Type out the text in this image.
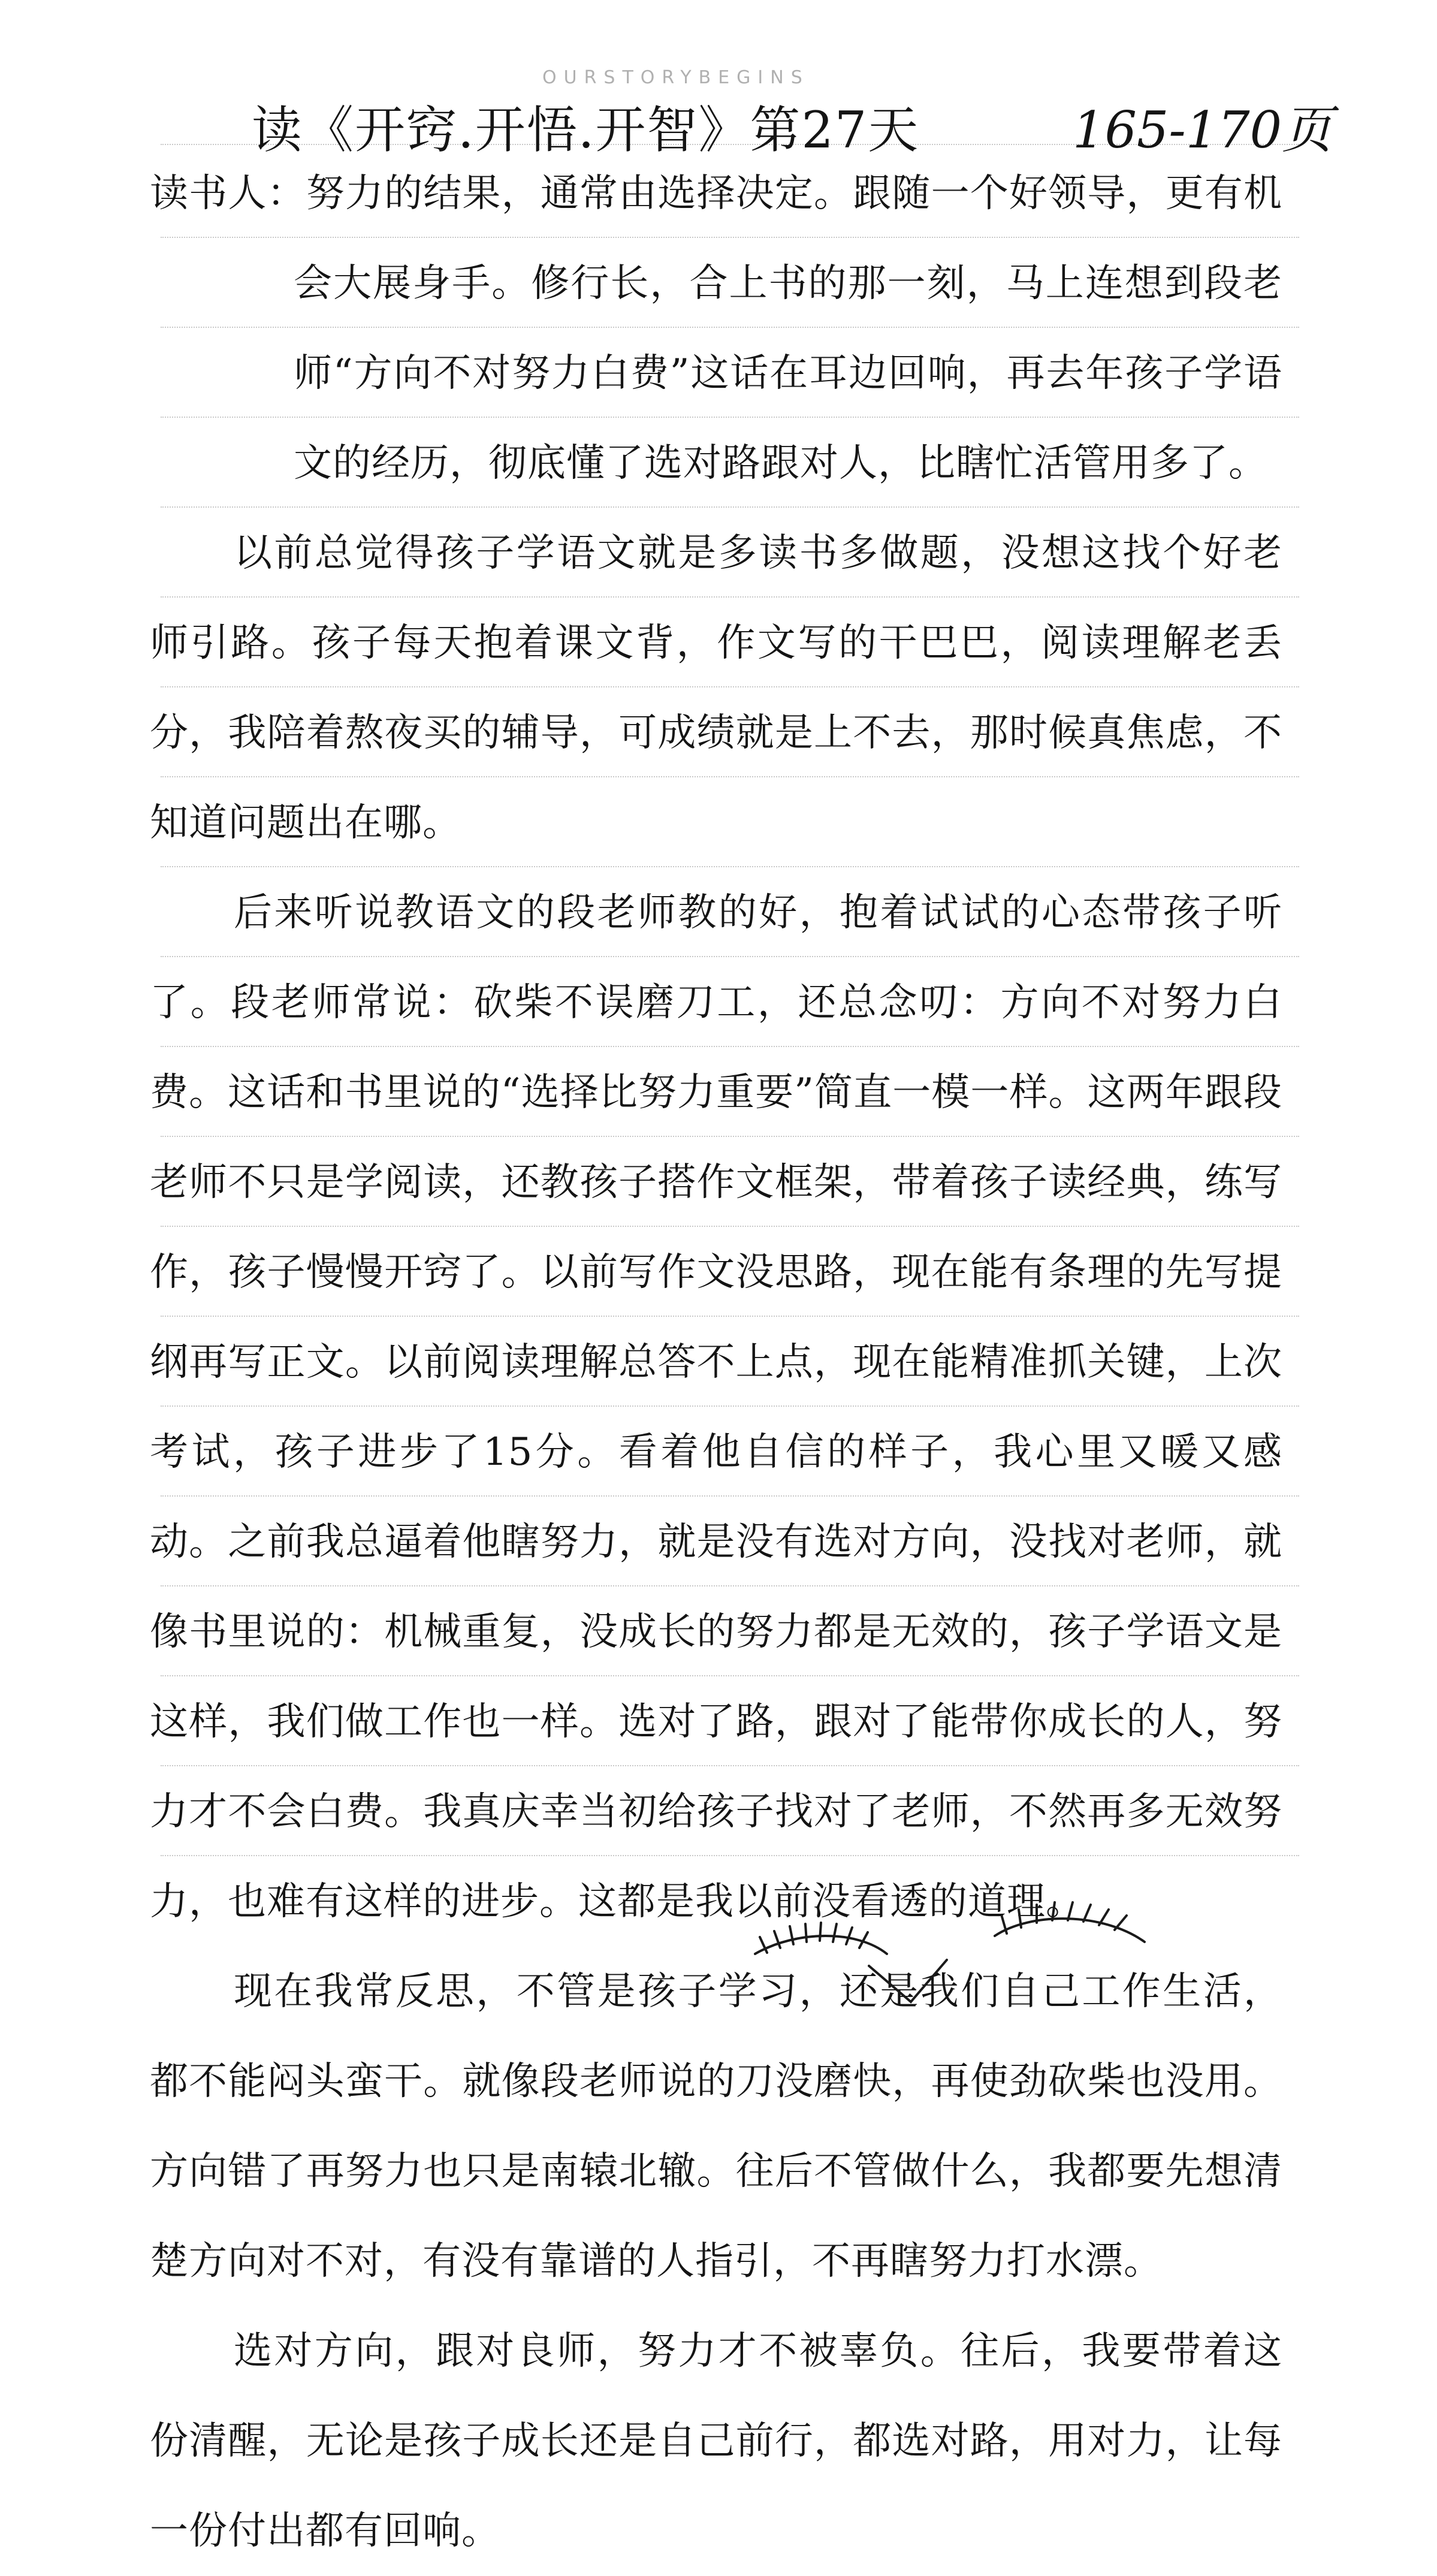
OURSTORYBEGINS
读《开窍.开悟.开智》第27天	165-170页

读书人：努力的结果，通常由选择决定。跟随一个好领导，更有机会大展身手。修行长，合上书的那一刻，马上连想到段老师“方向不对努力白费”这话在耳边回响，再去年孩子学语文的经历，彻底懂了选对路跟对人，比瞎忙活管用多了。

以前总觉得孩子学语文就是多读书多做题，没想这找个好老师引路。孩子每天抱着课文背，作文写的干巴巴，阅读理解老丢分，我陪着熬夜买的辅导，可成绩就是上不去，那时候真焦虑，不知道问题出在哪。

后来听说教语文的段老师教的好，抱着试试的心态带孩子听了。段老师常说：砍柴不误磨刀工，还总念叨：方向不对努力白费。这话和书里说的“选择比努力重要”简直一模一样。这两年跟段老师不只是学阅读，还教孩子搭作文框架，带着孩子读经典，练写作，孩子慢慢开窍了。以前写作文没思路，现在能有条理的先写提纲再写正文。以前阅读理解总答不上点，现在能精准抓关键，上次考试，孩子进步了15分。看着他自信的样子，我心里又暖又感动。之前我总逼着他瞎努力，就是没有选对方向，没找对老师，就像书里说的：机械重复，没成长的努力都是无效的，孩子学语文是这样，我们做工作也一样。选对了路，跟对了能带你成长的人，努力才不会白费。我真庆幸当初给孩子找对了老师，不然再多无效努力，也难有这样的进步。这都是我以前没看透的道理。

现在我常反思，不管是孩子学习，还是我们自己工作生活，都不能闷头蛮干。就像段老师说的刀没磨快，再使劲砍柴也没用。方向错了再努力也只是南辕北辙。往后不管做什么，我都要先想清楚方向对不对，有没有靠谱的人指引，不再瞎努力打水漂。

选对方向，跟对良师，努力才不被辜负。往后，我要带着这份清醒，无论是孩子成长还是自己前行，都选对路，用对力，让每一份付出都有回响。
